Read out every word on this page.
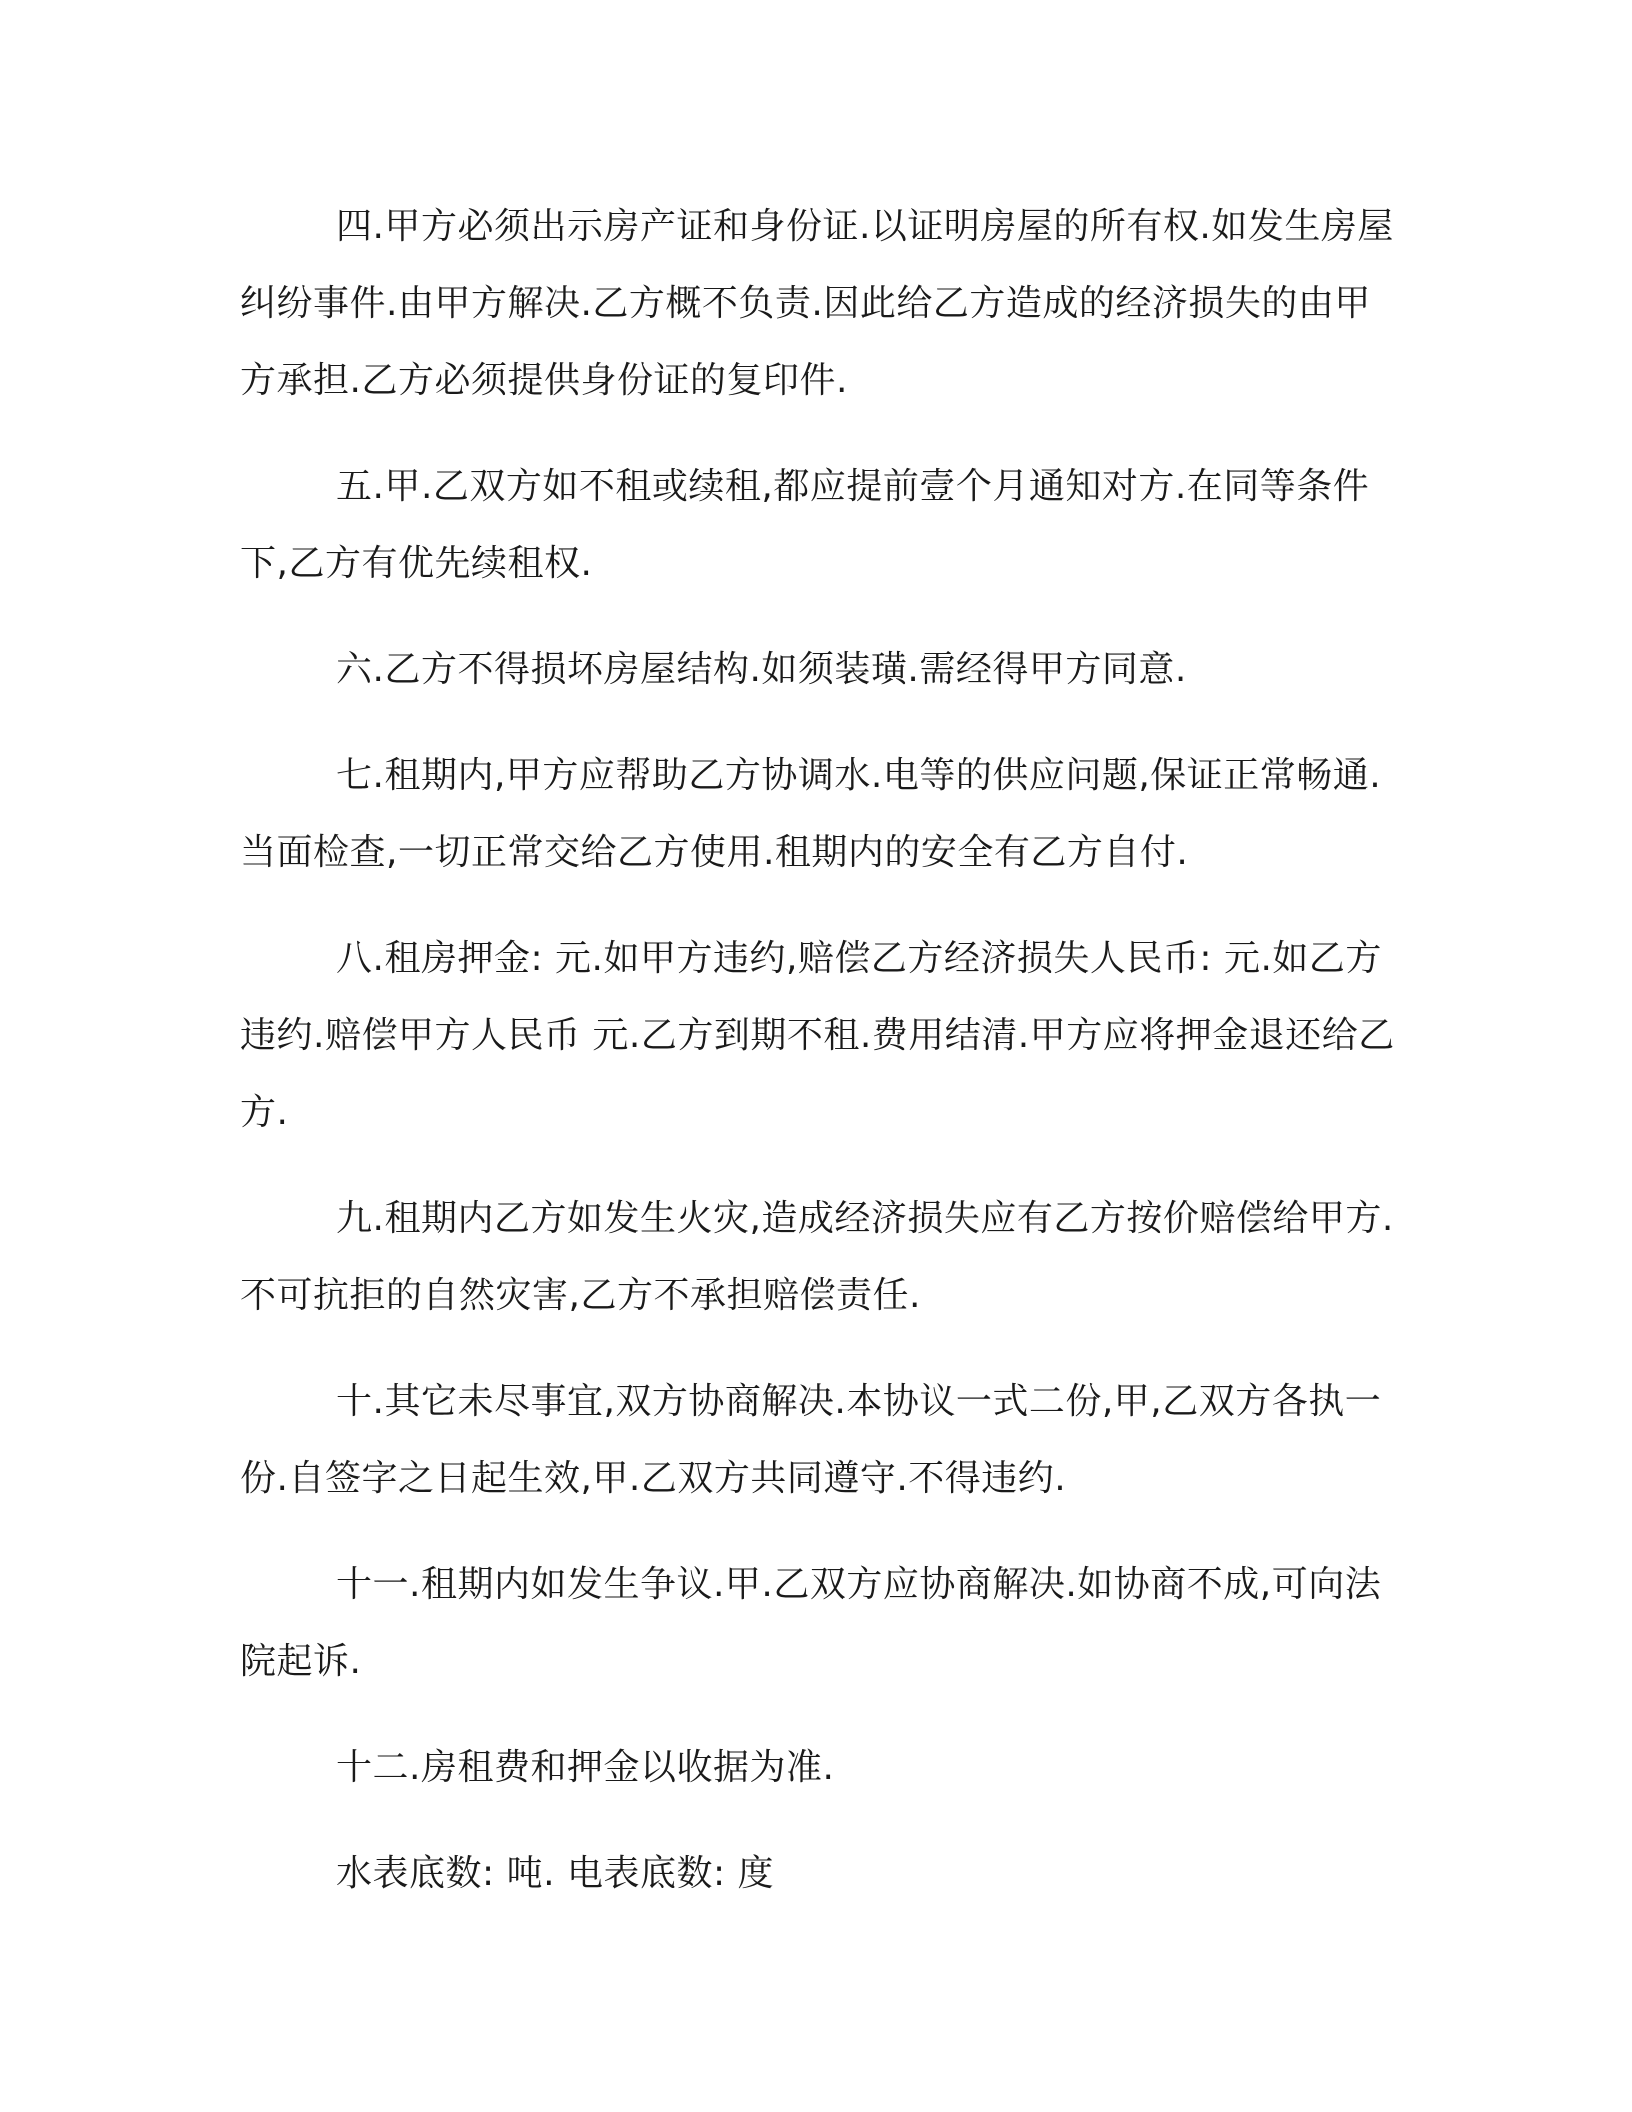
四.甲方必须出示房产证和身份证.以证明房屋的所有权.如发生房屋纠纷事件.由甲方解决.乙方概不负责.因此给乙方造成的经济损失的由甲方承担.乙方必须提供身份证的复印件.

五.甲.乙双方如不租或续租,都应提前壹个月通知对方.在同等条件下,乙方有优先续租权.

六.乙方不得损坏房屋结构.如须装璜.需经得甲方同意.

七.租期内,甲方应帮助乙方协调水.电等的供应问题,保证正常畅通.当面检查,一切正常交给乙方使用.租期内的安全有乙方自付.

八.租房押金: 元.如甲方违约,赔偿乙方经济损失人民币: 元.如乙方违约.赔偿甲方人民币 元.乙方到期不租.费用结清.甲方应将押金退还给乙方.

九.租期内乙方如发生火灾,造成经济损失应有乙方按价赔偿给甲方.不可抗拒的自然灾害,乙方不承担赔偿责任.

十.其它未尽事宜,双方协商解决.本协议一式二份,甲,乙双方各执一份.自签字之日起生效,甲.乙双方共同遵守.不得违约.

十一.租期内如发生争议.甲.乙双方应协商解决.如协商不成,可向法院起诉.

十二.房租费和押金以收据为准.

水表底数: 吨. 电表底数: 度
